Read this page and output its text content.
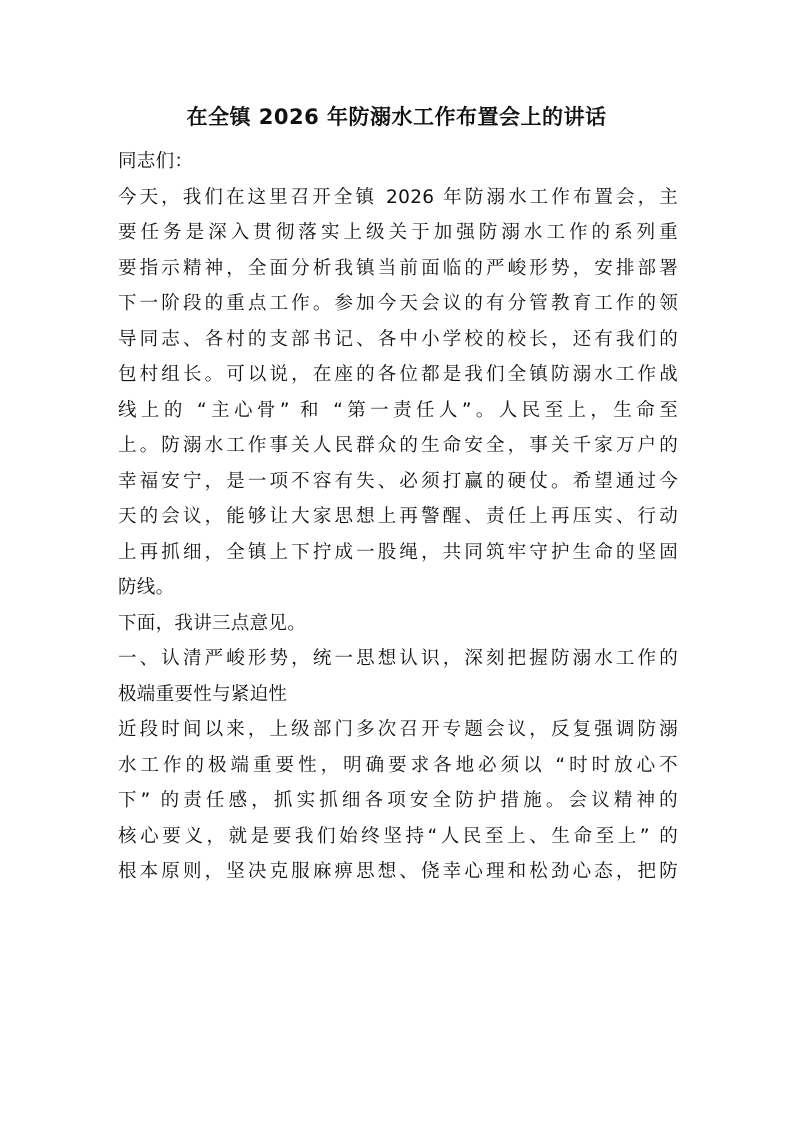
在全镇 2026 年防溺水工作布置会上的讲话
同志们：
今天，我们在这里召开全镇 2026 年防溺水工作布置会，主
要任务是深入贯彻落实上级关于加强防溺水工作的系列重
要指示精神，全面分析我镇当前面临的严峻形势，安排部署
下一阶段的重点工作。参加今天会议的有分管教育工作的领
导同志、各村的支部书记、各中小学校的校长，还有我们的
包村组长。可以说，在座的各位都是我们全镇防溺水工作战
线上的 “主心骨” 和 “第一责任人”。人民至上，生命至
上。防溺水工作事关人民群众的生命安全，事关千家万户的
幸福安宁，是一项不容有失、必须打赢的硬仗。希望通过今
天的会议，能够让大家思想上再警醒、责任上再压实、行动
上再抓细，全镇上下拧成一股绳，共同筑牢守护生命的坚固
防线。
下面，我讲三点意见。
一、认清严峻形势，统一思想认识，深刻把握防溺水工作的
极端重要性与紧迫性
近段时间以来，上级部门多次召开专题会议，反复强调防溺
水工作的极端重要性，明确要求各地必须以 “时时放心不
下” 的责任感，抓实抓细各项安全防护措施。会议精神的
核心要义，就是要我们始终坚持“人民至上、生命至上” 的
根本原则，坚决克服麻痹思想、侥幸心理和松劲心态，把防
